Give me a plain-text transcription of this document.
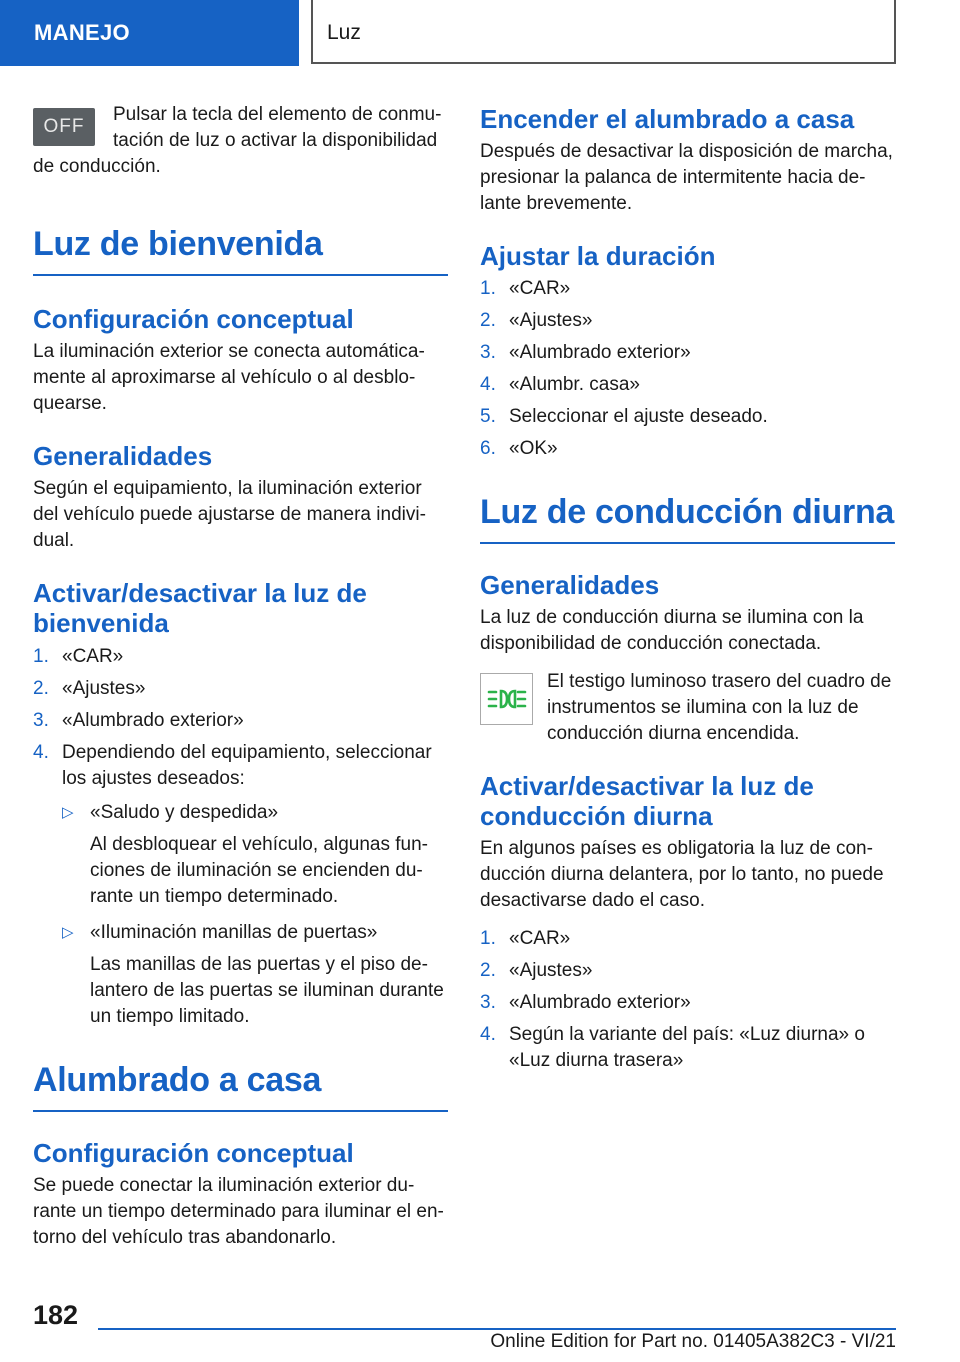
MANEJO	Luz
OFF

Pulsar la tecla del elemento de conmu-tación de luz o activar la disponibilidad de conducción.

Luz de bienvenida
Configuración conceptual

La iluminación exterior se conecta automática-mente al aproximarse al vehículo o al desblo-quearse.

Generalidades

Según el equipamiento, la iluminación exterior del vehículo puede ajustarse de manera indivi-dual.

Activar/desactivar la luz de bienvenida
1. «CAR»
2. «Ajustes»
3. «Alumbrado exterior»
4. Dependiendo del equipamiento, seleccionar los ajustes deseados:
▷ «Saludo y despedida»
Al desbloquear el vehículo, algunas fun-ciones de iluminación se encienden du-rante un tiempo determinado.
▷ «Iluminación manillas de puertas»
Las manillas de las puertas y el piso de-lantero de las puertas se iluminan durante un tiempo limitado.
Alumbrado a casa
Configuración conceptual

Se puede conectar la iluminación exterior du-rante un tiempo determinado para iluminar el en-torno del vehículo tras abandonarlo.

Encender el alumbrado a casa

Después de desactivar la disposición de marcha, presionar la palanca de intermitente hacia de-lante brevemente.

Ajustar la duración
1. «CAR»
2. «Ajustes»
3. «Alumbrado exterior»
4. «Alumbr. casa»
5. Seleccionar el ajuste deseado.
6. «OK»
Luz de conducción diurna
Generalidades

La luz de conducción diurna se ilumina con la disponibilidad de conducción conectada.

El testigo luminoso trasero del cuadro de instrumentos se ilumina con la luz de conducción diurna encendida.

Activar/desactivar la luz de conducción diurna

En algunos países es obligatoria la luz de con-ducción diurna delantera, por lo tanto, no puede desactivarse dado el caso.

1. «CAR»
2. «Ajustes»
3. «Alumbrado exterior»
4. Según la variante del país: «Luz diurna» o «Luz diurna trasera»
182
Online Edition for Part no. 01405A382C3 - VI/21
